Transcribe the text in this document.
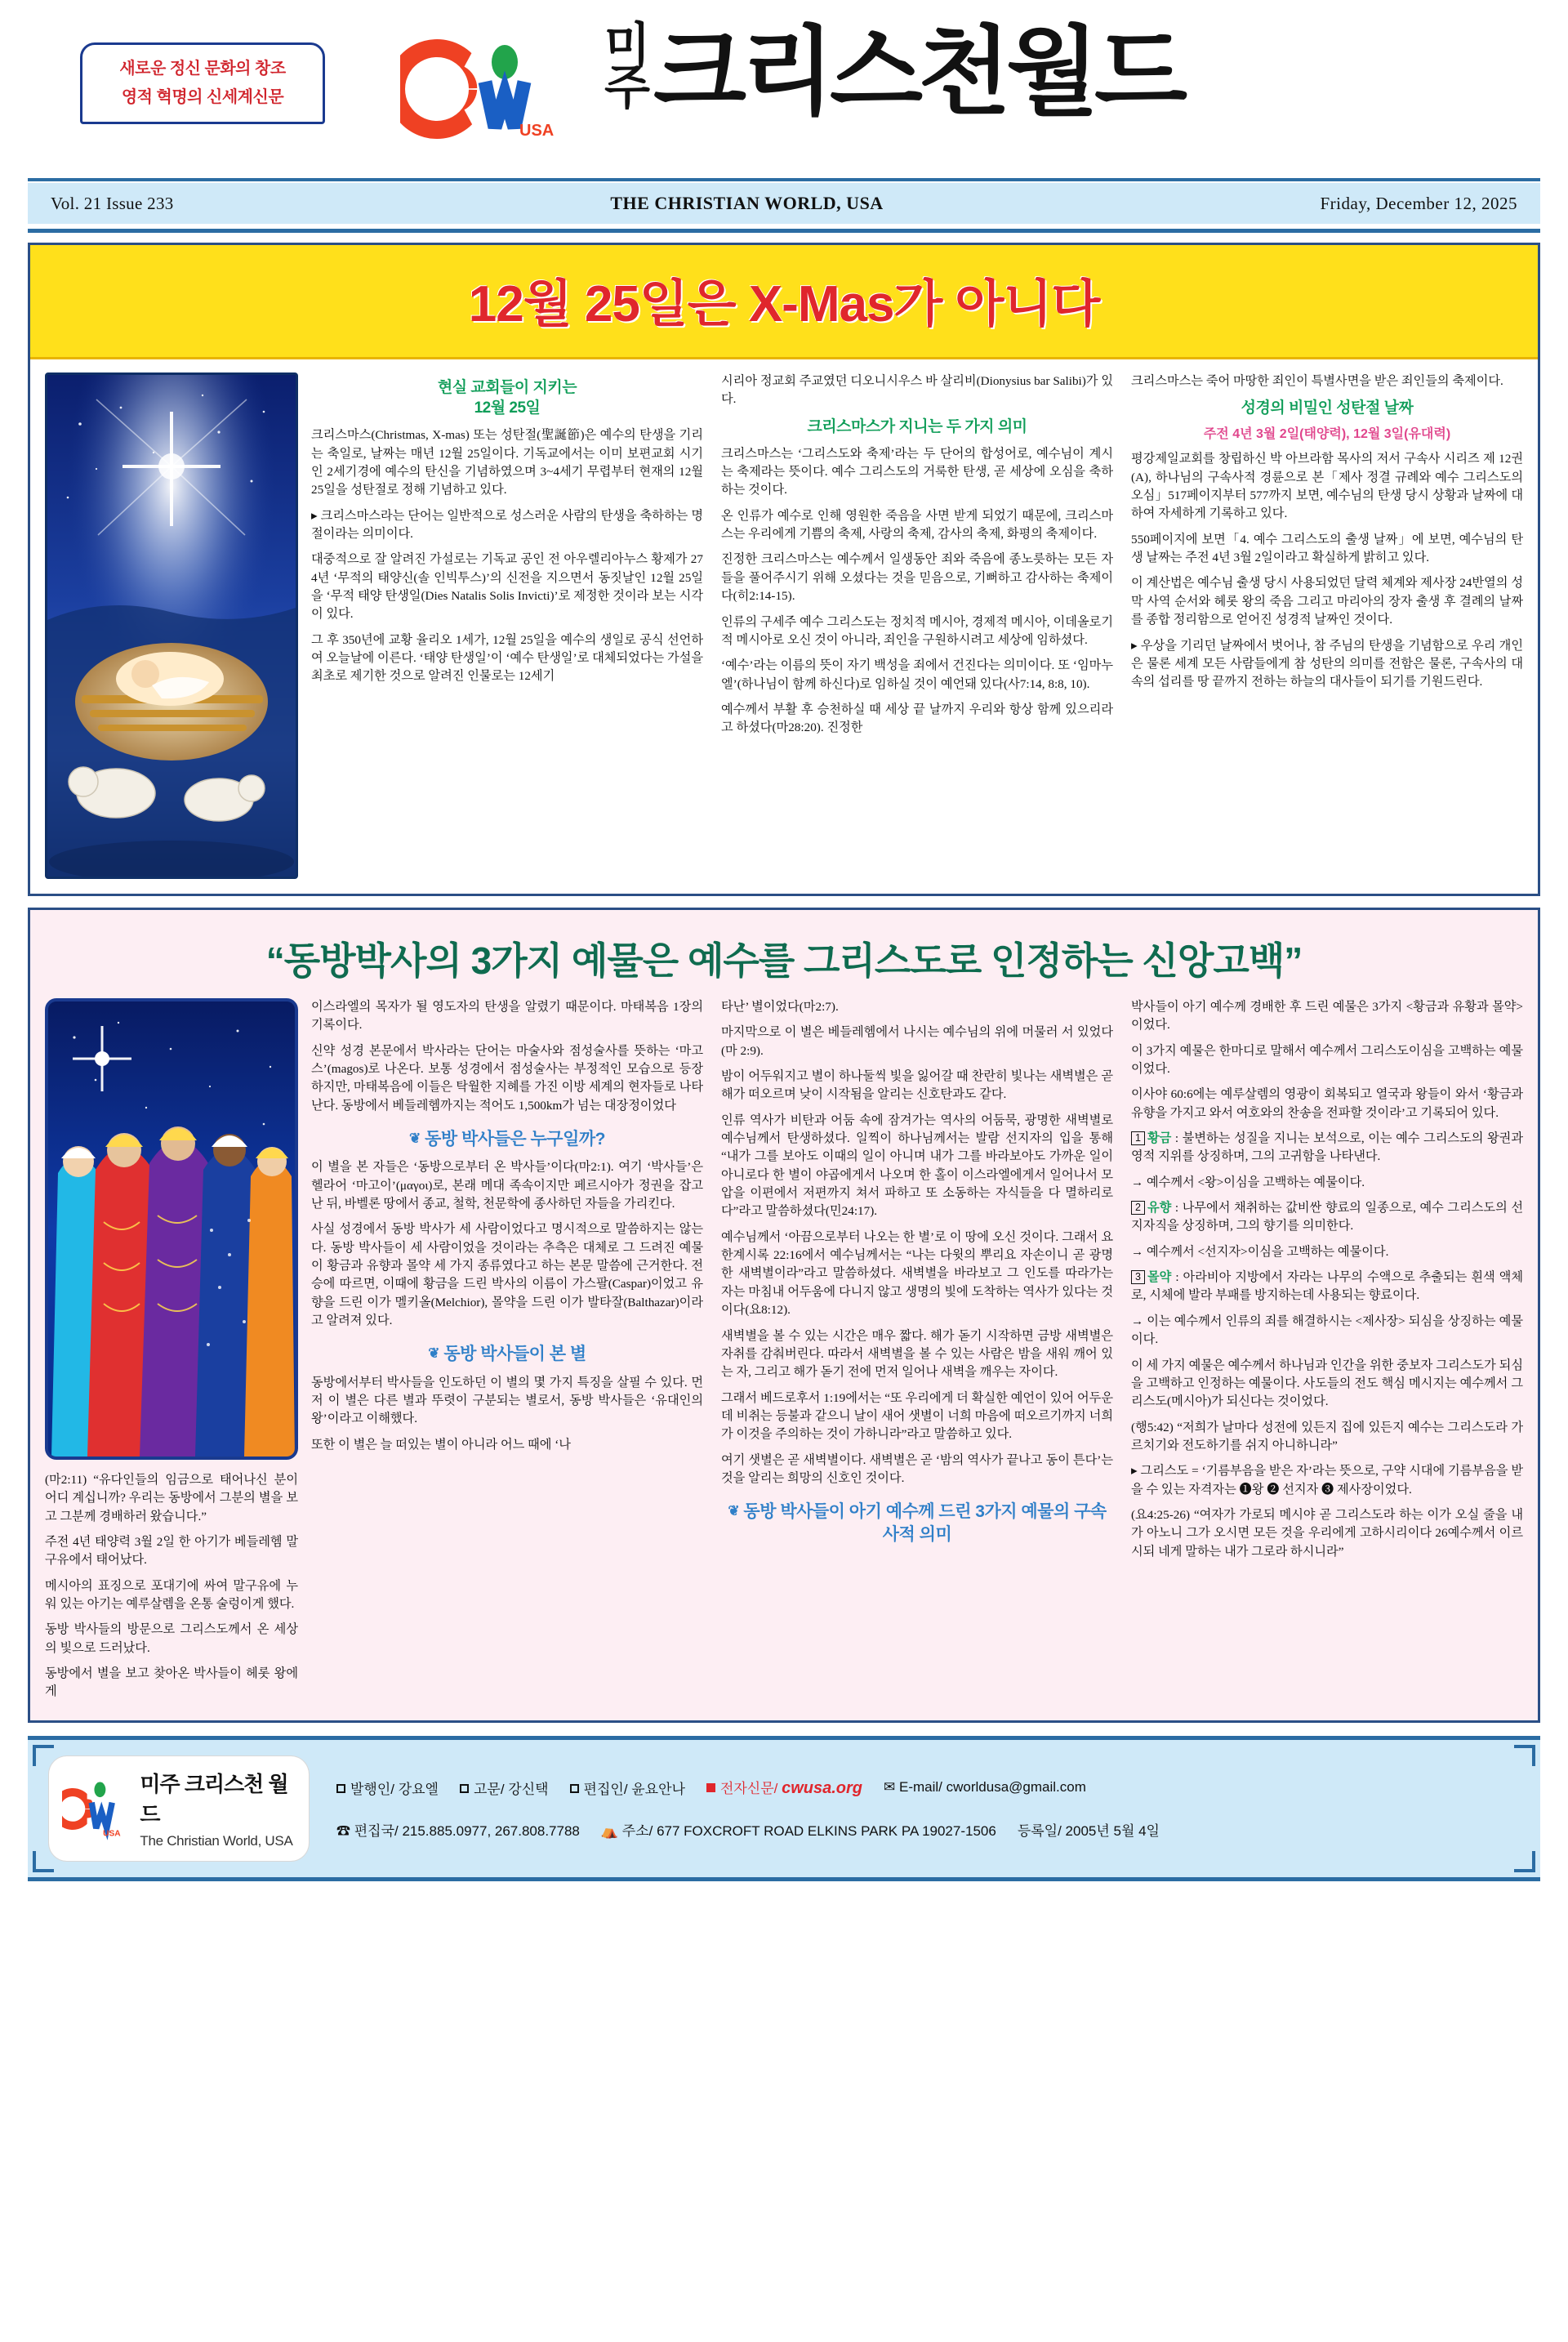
새로운 정신 문화의 창조
영적 혁명의 신세계신문
USA
미
주 크리스천월드
Vol. 21 Issue 233	THE CHRISTIAN WORLD, USA	Friday, December 12, 2025
12월 25일은 X-Mas가 아니다
현실 교회들이 지키는
12월 25일

크리스마스(Christmas, X-mas) 또는 성탄절(聖誕節)은 예수의 탄생을 기리는 축일로, 날짜는 매년 12월 25일이다. 기독교에서는 이미 보편교회 시기인 2세기경에 예수의 탄신을 기념하였으며 3~4세기 무렵부터 현재의 12월 25일을 성탄절로 정해 기념하고 있다.

▸ 크리스마스라는 단어는 일반적으로 성스러운 사람의 탄생을 축하하는 명절이라는 의미이다.

대중적으로 잘 알려진 가설로는 기독교 공인 전 아우렐리아누스 황제가 274년 ‘무적의 태양신(솔 인빅투스)’의 신전을 지으면서 동짓날인 12월 25일을 ‘무적 태양 탄생일(Dies Natalis Solis Invicti)’로 제정한 것이라 보는 시각이 있다.

그 후 350년에 교황 율리오 1세가, 12월 25일을 예수의 생일로 공식 선언하여 오늘날에 이른다. ‘태양 탄생일’이 ‘예수 탄생일’로 대체되었다는 가설을 최초로 제기한 것으로 알려진 인물로는 12세기

시리아 정교회 주교였던 디오니시우스 바 살리비(Dionysius bar Salibi)가 있다.

크리스마스가 지니는 두 가지 의미

크리스마스는 ‘그리스도와 축제’라는 두 단어의 합성어로, 예수님이 계시는 축제라는 뜻이다. 예수 그리스도의 거룩한 탄생, 곧 세상에 오심을 축하하는 것이다.

온 인류가 예수로 인해 영원한 죽음을 사면 받게 되었기 때문에, 크리스마스는 우리에게 기쁨의 축제, 사랑의 축제, 감사의 축제, 화평의 축제이다.

진정한 크리스마스는 예수께서 일생동안 죄와 죽음에 종노릇하는 모든 자들을 풀어주시기 위해 오셨다는 것을 믿음으로, 기뻐하고 감사하는 축제이다(히2:14-15).

인류의 구세주 예수 그리스도는 정치적 메시아, 경제적 메시아, 이데올로기적 메시아로 오신 것이 아니라, 죄인을 구원하시려고 세상에 임하셨다.

‘예수’라는 이름의 뜻이 자기 백성을 죄에서 건진다는 의미이다. 또 ‘임마누엘’(하나님이 함께 하신다)로 임하실 것이 예언돼 있다(사7:14, 8:8, 10).

예수께서 부활 후 승천하실 때 세상 끝 날까지 우리와 항상 함께 있으리라고 하셨다(마28:20). 진정한

크리스마스는 죽어 마땅한 죄인이 특별사면을 받은 죄인들의 축제이다.

성경의 비밀인 성탄절 날짜
주전 4년 3월 2일(태양력), 12월 3일(유대력)

평강제일교회를 창립하신 박 아브라함 목사의 저서 구속사 시리즈 제 12권(A), 하나님의 구속사적 경륜으로 본「제사 정결 규례와 예수 그리스도의 오심」517페이지부터 577까지 보면, 예수님의 탄생 당시 상황과 날짜에 대하여 자세하게 기록하고 있다.

550페이지에 보면「4. 예수 그리스도의 출생 날짜」에 보면, 예수님의 탄생 날짜는 주전 4년 3월 2일이라고 확실하게 밝히고 있다.

이 계산법은 예수님 출생 당시 사용되었던 달력 체계와 제사장 24반열의 성막 사역 순서와 헤롯 왕의 죽음 그리고 마리아의 장자 출생 후 결례의 날짜를 종합 정리함으로 얻어진 성경적 날짜인 것이다.

▸ 우상을 기리던 날짜에서 벗어나, 참 주님의 탄생을 기념함으로 우리 개인은 물론 세계 모든 사람들에게 참 성탄의 의미를 전함은 물론, 구속사의 대속의 섭리를 땅 끝까지 전하는 하늘의 대사들이 되기를 기원드린다.

“동방박사의 3가지 예물은 예수를 그리스도로 인정하는 신앙고백”

(마2:11) “유다인들의 임금으로 태어나신 분이 어디 계십니까? 우리는 동방에서 그분의 별을 보고 그분께 경배하러 왔습니다.”

주전 4년 태양력 3월 2일 한 아기가 베들레헴 말구유에서 태어났다.

메시아의 표징으로 포대기에 싸여 말구유에 누워 있는 아기는 예루살렘을 온통 술렁이게 했다.

동방 박사들의 방문으로 그리스도께서 온 세상의 빛으로 드러났다.

동방에서 별을 보고 찾아온 박사들이 헤롯 왕에게

이스라엘의 목자가 될 영도자의 탄생을 알렸기 때문이다. 마태복음 1장의 기록이다.

신약 성경 본문에서 박사라는 단어는 마술사와 점성술사를 뜻하는 ‘마고스’(magos)로 나온다. 보통 성경에서 점성술사는 부정적인 모습으로 등장하지만, 마태복음에 이들은 탁월한 지혜를 가진 이방 세계의 현자들로 나타난다. 동방에서 베들레헴까지는 적어도 1,500km가 넘는 대장정이었다

❦ 동방 박사들은 누구일까?

이 별을 본 자들은 ‘동방으로부터 온 박사들’이다(마2:1). 여기 ‘박사들’은 헬라어 ‘마고이’(μαγοι)로, 본래 메대 족속이지만 페르시아가 정권을 잡고 난 뒤, 바벨론 땅에서 종교, 철학, 천문학에 종사하던 자들을 가리킨다.

사실 성경에서 동방 박사가 세 사람이었다고 명시적으로 말씀하지는 않는다. 동방 박사들이 세 사람이었을 것이라는 추측은 대체로 그 드려진 예물이 황금과 유향과 몰약 세 가지 종류였다고 하는 본문 말씀에 근거한다. 전승에 따르면, 이때에 황금을 드린 박사의 이름이 가스팔(Caspar)이었고 유향을 드린 이가 멜키올(Melchior), 몰약을 드린 이가 발타잘(Balthazar)이라고 알려져 있다.

❦ 동방 박사들이 본 별

동방에서부터 박사들을 인도하던 이 별의 몇 가지 특징을 살필 수 있다. 먼저 이 별은 다른 별과 뚜렷이 구분되는 별로서, 동방 박사들은 ‘유대인의 왕’이라고 이해했다.

또한 이 별은 늘 떠있는 별이 아니라 어느 때에 ‘나

타난’ 별이었다(마2:7).

마지막으로 이 별은 베들레헴에서 나시는 예수님의 위에 머물러 서 있었다(마 2:9).

밤이 어두워지고 별이 하나둘씩 빛을 잃어갈 때 찬란히 빛나는 새벽별은 곧 해가 떠오르며 낮이 시작됨을 알리는 신호탄과도 같다.

인류 역사가 비탄과 어둠 속에 잠겨가는 역사의 어둠묵, 광명한 새벽별로 예수님께서 탄생하셨다. 일찍이 하나님께서는 발람 선지자의 입을 통해 “내가 그를 보아도 이때의 일이 아니며 내가 그를 바라보아도 가까운 일이 아니로다 한 별이 야곱에게서 나오며 한 홀이 이스라엘에게서 일어나서 모압을 이편에서 저편까지 쳐서 파하고 또 소동하는 자식들을 다 멸하리로다”라고 말씀하셨다(민24:17).

예수님께서 ‘아끔으로부터 나오는 한 별’로 이 땅에 오신 것이다. 그래서 요한계시록 22:16에서 예수님께서는 “나는 다윗의 뿌리요 자손이니 곧 광명한 새벽별이라”라고 말씀하셨다. 새벽별을 바라보고 그 인도를 따라가는 자는 마침내 어두움에 다니지 않고 생명의 빛에 도착하는 역사가 있다는 것이다(요8:12).

새벽별을 볼 수 있는 시간은 매우 짧다. 해가 돋기 시작하면 금방 새벽별은 자취를 감춰버린다. 따라서 새벽별을 볼 수 있는 사람은 밤을 새워 깨어 있는 자, 그리고 해가 돋기 전에 먼저 일어나 새벽을 깨우는 자이다.

그래서 베드로후서 1:19에서는 “또 우리에게 더 확실한 예언이 있어 어두운 데 비취는 등불과 같으니 날이 새어 샛별이 너희 마음에 떠오르기까지 너희가 이것을 주의하는 것이 가하니라”라고 말씀하고 있다.

여기 샛별은 곧 새벽별이다. 새벽별은 곧 ‘밤의 역사가 끝나고 동이 튼다’는 것을 알리는 희망의 신호인 것이다.

❦ 동방 박사들이 아기 예수께 드린 3가지 예물의 구속사적 의미

박사들이 아기 예수께 경배한 후 드린 예물은 3가지 <황금과 유황과 몰약>이었다.

이 3가지 예물은 한마디로 말해서 예수께서 그리스도이심을 고백하는 예물이었다.

이사야 60:6에는 예루살렘의 영광이 회복되고 열국과 왕들이 와서 ‘황금과 유향을 가지고 와서 여호와의 찬송을 전파할 것이라’고 기록되어 있다.

1 황금 : 불변하는 성질을 지니는 보석으로, 이는 예수 그리스도의 왕권과 영적 지위를 상징하며, 그의 고귀함을 나타낸다.

→ 예수께서 <왕>이심을 고백하는 예물이다.

2 유향 : 나무에서 채취하는 값비싼 향료의 일종으로, 예수 그리스도의 선지자직을 상징하며, 그의 향기를 의미한다.

→ 예수께서 <선지자>이심을 고백하는 예물이다.

3 몰약 : 아라비아 지방에서 자라는 나무의 수액으로 추출되는 흰색 액체로, 시체에 발라 부패를 방지하는데 사용되는 향료이다.

→ 이는 예수께서 인류의 죄를 해결하시는 <제사장> 되심을 상징하는 예물이다.

이 세 가지 예물은 예수께서 하나님과 인간을 위한 중보자 그리스도가 되심을 고백하고 인정하는 예물이다. 사도들의 전도 핵심 메시지는 예수께서 그리스도(메시아)가 되신다는 것이었다.

(행5:42) “저희가 날마다 성전에 있든지 집에 있든지 예수는 그리스도라 가르치기와 전도하기를 쉬지 아니하니라”

▸ 그리스도 = ‘기름부음을 받은 자’라는 뜻으로, 구약 시대에 기름부음을 받을 수 있는 자격자는 ❶왕 ❷ 선지자 ❸ 제사장이었다.

(요4:25-26) “여자가 가로되 메시야 곧 그리스도라 하는 이가 오실 줄을 내가 아노니 그가 오시면 모든 것을 우리에게 고하시리이다 26예수께서 이르시되 네게 말하는 내가 그로라 하시니라”

USA
미주 크리스천 월드
The Christian World, USA
발행인/ 강요엘	고문/ 강신택	편집인/ 윤요안나	전자신문/ cwusa.org ✉ E-mail/ cworldusa@gmail.com
☎ 편집국/ 215.885.0977, 267.808.7788 ⛺ 주소/ 677 FOXCROFT ROAD ELKINS PARK PA 19027-1506 등록일/ 2005년 5월 4일
